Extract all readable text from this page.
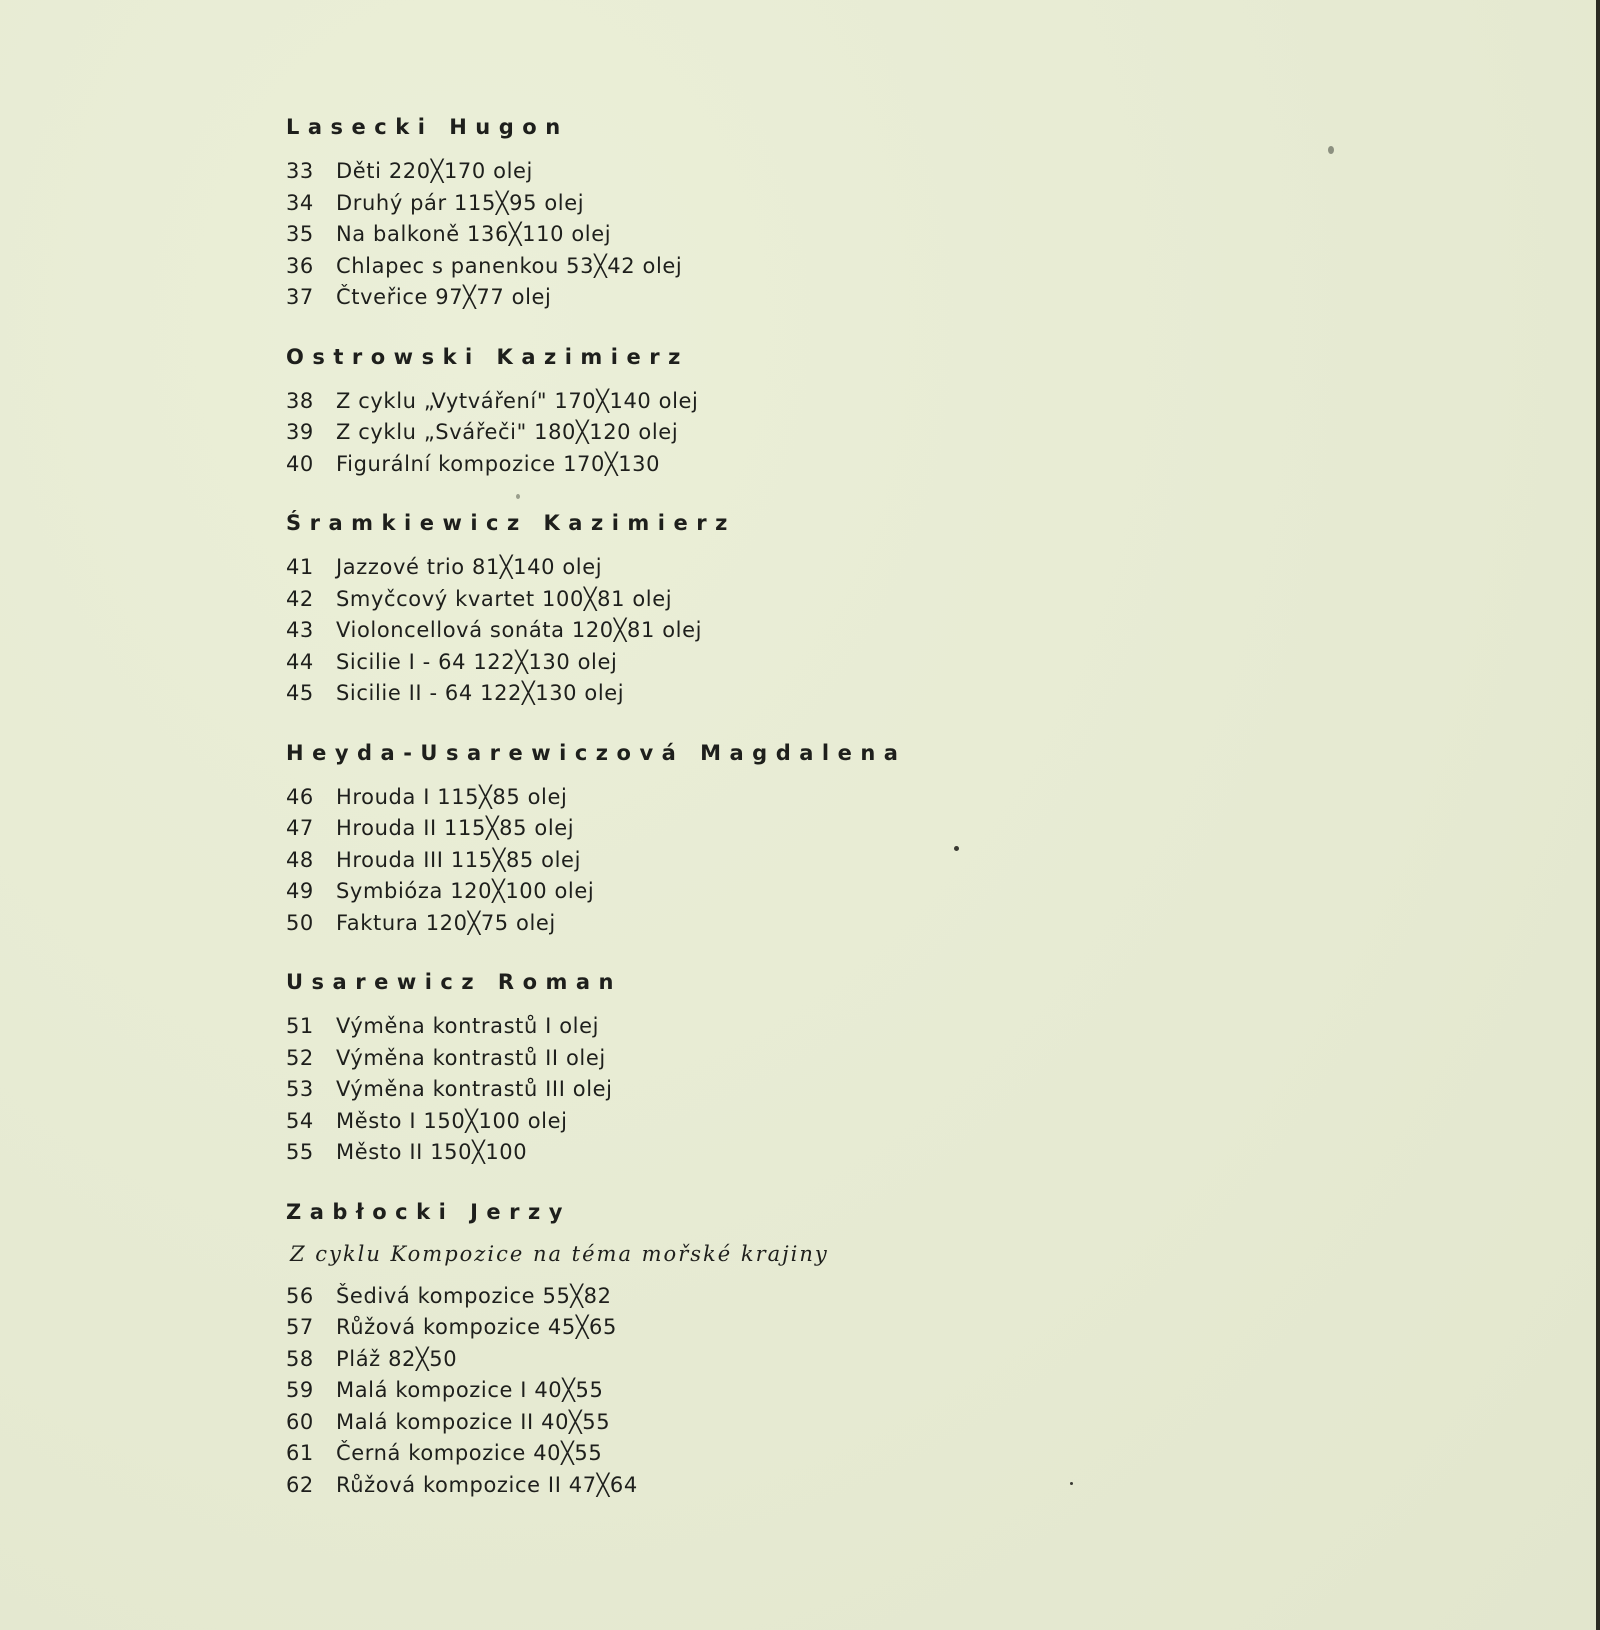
Lasecki Hugon
33	Děti 220╳170 olej
34	Druhý pár 115╳95 olej
35	Na balkoně 136╳110 olej
36	Chlapec s panenkou 53╳42 olej
37	Čtveřice 97╳77 olej
Ostrowski Kazimierz
38	Z cyklu „Vytváření" 170╳140 olej
39	Z cyklu „Svářeči" 180╳120 olej
40	Figurální kompozice 170╳130
Śramkiewicz Kazimierz
41	Jazzové trio 81╳140 olej
42	Smyčcový kvartet 100╳81 olej
43	Violoncellová sonáta 120╳81 olej
44	Sicilie I - 64 122╳130 olej
45	Sicilie II - 64 122╳130 olej
Heyda-Usarewiczová Magdalena
46	Hrouda I 115╳85 olej
47	Hrouda II 115╳85 olej
48	Hrouda III 115╳85 olej
49	Symbióza 120╳100 olej
50	Faktura 120╳75 olej
Usarewicz Roman
51	Výměna kontrastů I olej
52	Výměna kontrastů II olej
53	Výměna kontrastů III olej
54	Město I 150╳100 olej
55	Město II 150╳100
Zabłocki Jerzy
Z cyklu Kompozice na téma mořské krajiny
56	Šedivá kompozice 55╳82
57	Růžová kompozice 45╳65
58	Pláž 82╳50
59	Malá kompozice I 40╳55
60	Malá kompozice II 40╳55
61	Černá kompozice 40╳55
62	Růžová kompozice II 47╳64
